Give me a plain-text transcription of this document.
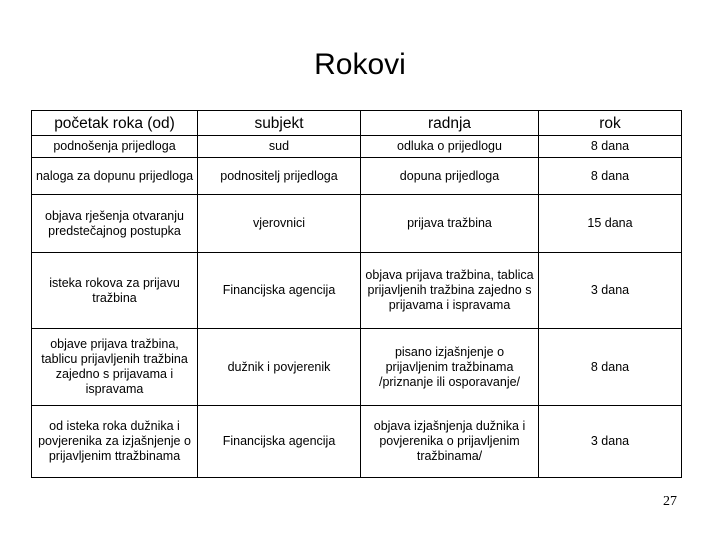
Rokovi
početak roka (od)	subjekt	radnja	rok
podnošenja prijedloga	sud	odluka o prijedlogu	8 dana
naloga za dopunu prijedloga	podnositelj prijedloga	dopuna prijedloga	8 dana
objava rješenja otvaranju predstečajnog postupka	vjerovnici	prijava tražbina	15 dana
isteka rokova za prijavu tražbina	Financijska agencija	objava prijava tražbina, tablica prijavljenih tražbina zajedno s prijavama i ispravama	3 dana
objave prijava tražbina, tablicu prijavljenih tražbina zajedno s prijavama i ispravama	dužnik i povjerenik	pisano izjašnjenje o prijavljenim tražbinama /priznanje ili osporavanje/	8 dana
od isteka roka dužnika i povjerenika za izjašnjenje o prijavljenim ttražbinama	Financijska agencija	objava izjašnjenja dužnika i povjerenika o prijavljenim tražbinama/	3 dana
27
